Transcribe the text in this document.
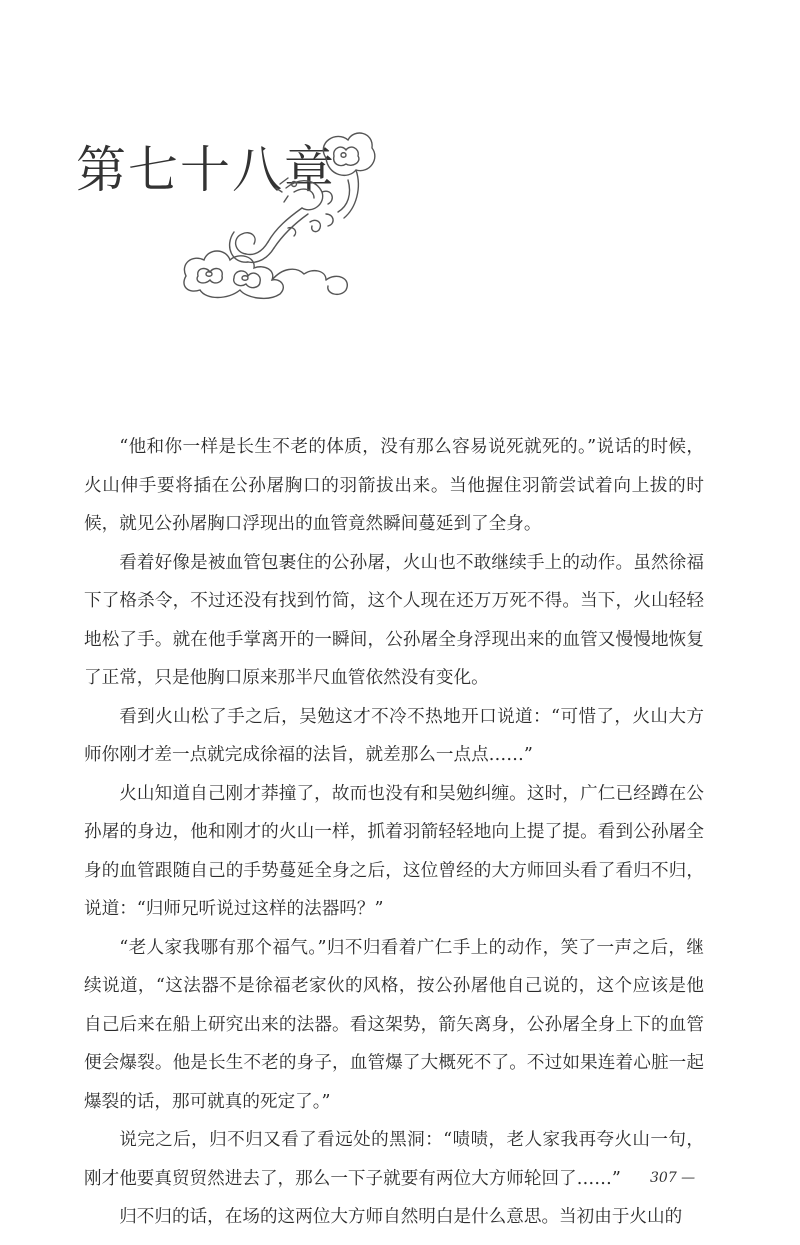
第七十八章

“他和你一样是长生不老的体质，没有那么容易说死就死的。”说话的时候，火山伸手要将插在公孙屠胸口的羽箭拔出来。当他握住羽箭尝试着向上拔的时候，就见公孙屠胸口浮现出的血管竟然瞬间蔓延到了全身。

看着好像是被血管包裹住的公孙屠，火山也不敢继续手上的动作。虽然徐福下了格杀令，不过还没有找到竹简，这个人现在还万万死不得。当下，火山轻轻地松了手。就在他手掌离开的一瞬间，公孙屠全身浮现出来的血管又慢慢地恢复了正常，只是他胸口原来那半尺血管依然没有变化。

看到火山松了手之后，吴勉这才不冷不热地开口说道：“可惜了，火山大方师你刚才差一点就完成徐福的法旨，就差那么一点点……”

火山知道自己刚才莽撞了，故而也没有和吴勉纠缠。这时，广仁已经蹲在公孙屠的身边，他和刚才的火山一样，抓着羽箭轻轻地向上提了提。看到公孙屠全身的血管跟随自己的手势蔓延全身之后，这位曾经的大方师回头看了看归不归，说道：“归师兄听说过这样的法器吗？”

“老人家我哪有那个福气。”归不归看着广仁手上的动作，笑了一声之后，继续说道，“这法器不是徐福老家伙的风格，按公孙屠他自己说的，这个应该是他自己后来在船上研究出来的法器。看这架势，箭矢离身，公孙屠全身上下的血管便会爆裂。他是长生不老的身子，血管爆了大概死不了。不过如果连着心脏一起爆裂的话，那可就真的死定了。”

说完之后，归不归又看了看远处的黑洞：“啧啧，老人家我再夸火山一句，刚才他要真贸贸然进去了，那么一下子就要有两位大方师轮回了……”

归不归的话，在场的这两位大方师自然明白是什么意思。当初由于火山的

307 —
